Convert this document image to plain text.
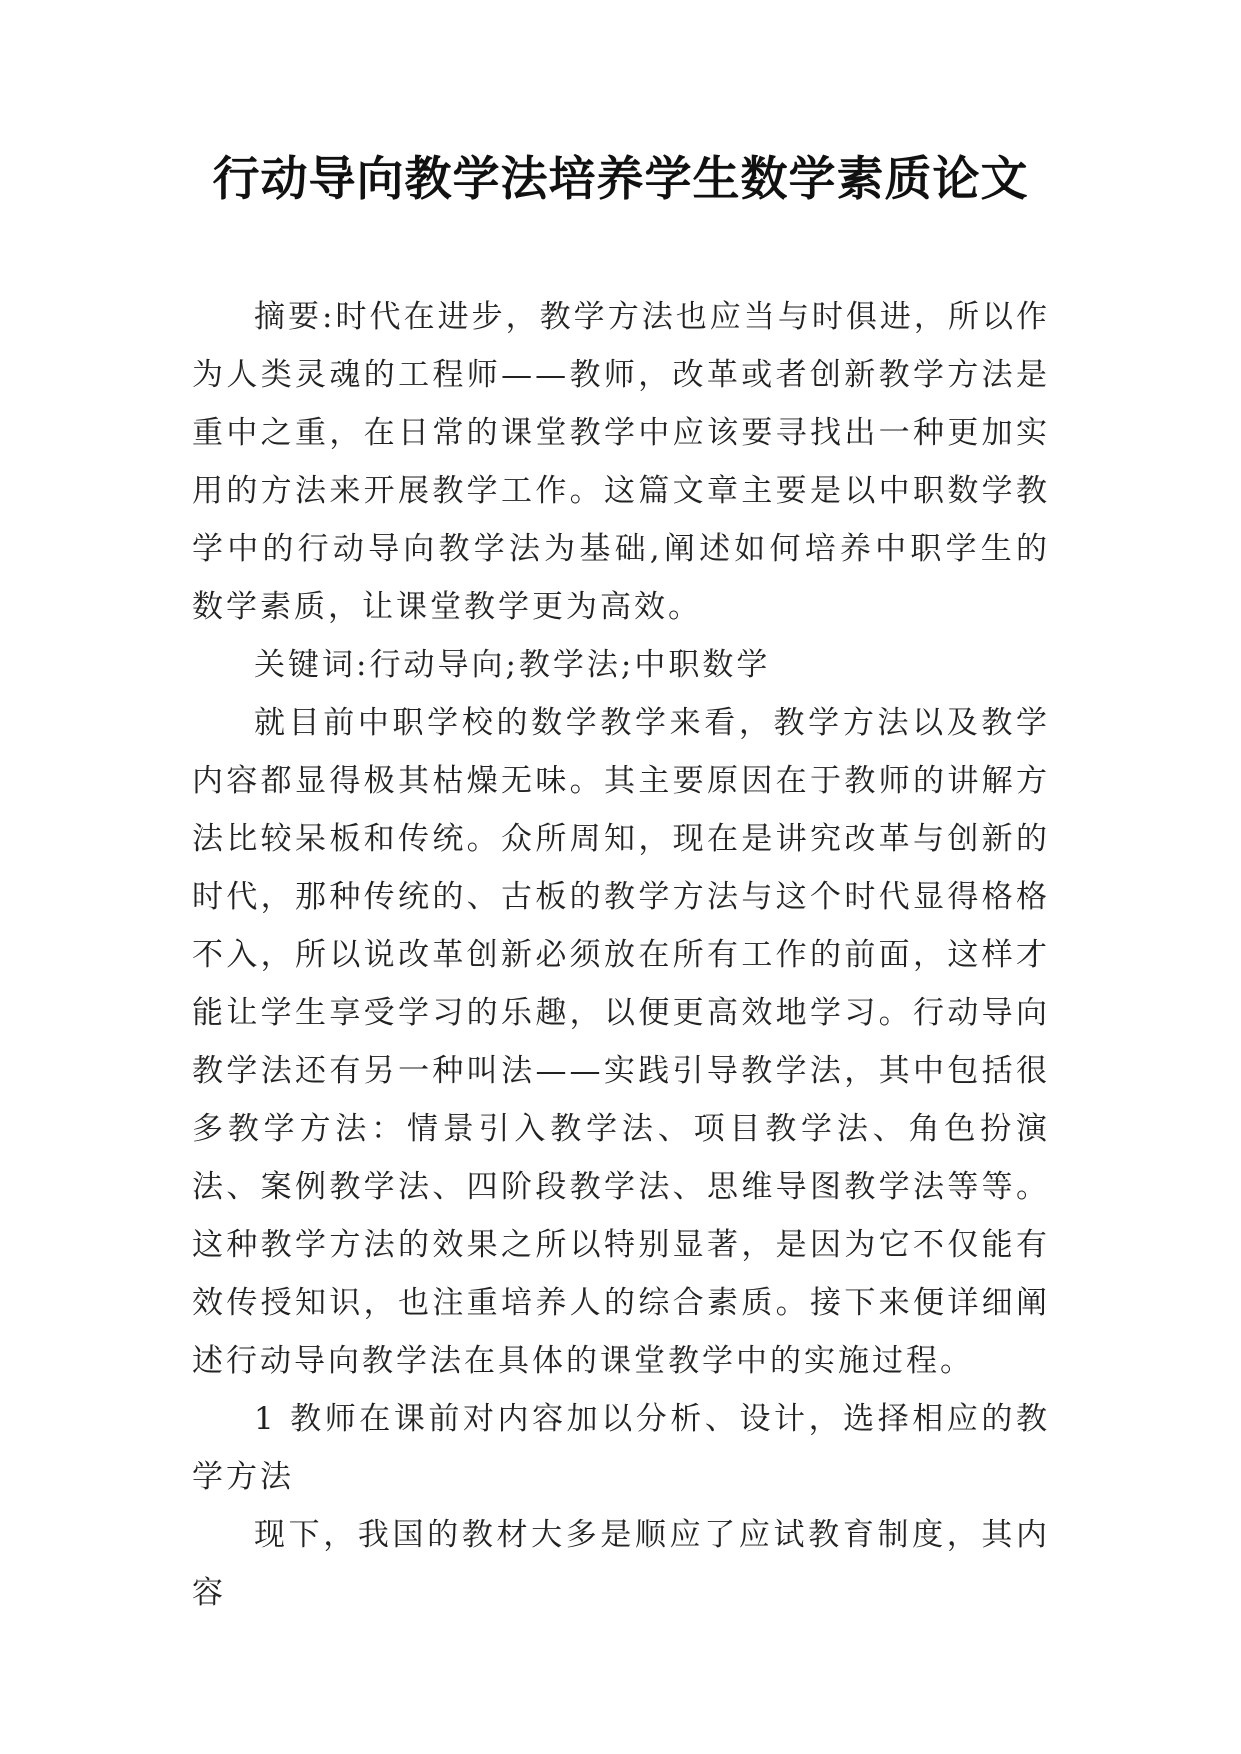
行动导向教学法培养学生数学素质论文

摘要:时代在进步，教学方法也应当与时俱进，所以作为人类灵魂的工程师——教师，改革或者创新教学方法是重中之重，在日常的课堂教学中应该要寻找出一种更加实用的方法来开展教学工作。这篇文章主要是以中职数学教学中的行动导向教学法为基础,阐述如何培养中职学生的数学素质，让课堂教学更为高效。

关键词:行动导向;教学法;中职数学

就目前中职学校的数学教学来看，教学方法以及教学内容都显得极其枯燥无味。其主要原因在于教师的讲解方法比较呆板和传统。众所周知，现在是讲究改革与创新的时代，那种传统的、古板的教学方法与这个时代显得格格不入，所以说改革创新必须放在所有工作的前面，这样才能让学生享受学习的乐趣，以便更高效地学习。行动导向教学法还有另一种叫法——实践引导教学法，其中包括很多教学方法：情景引入教学法、项目教学法、角色扮演法、案例教学法、四阶段教学法、思维导图教学法等等。这种教学方法的效果之所以特别显著，是因为它不仅能有效传授知识，也注重培养人的综合素质。接下来便详细阐述行动导向教学法在具体的课堂教学中的实施过程。

1 教师在课前对内容加以分析、设计，选择相应的教学方法

现下，我国的教材大多是顺应了应试教育制度，其内容
